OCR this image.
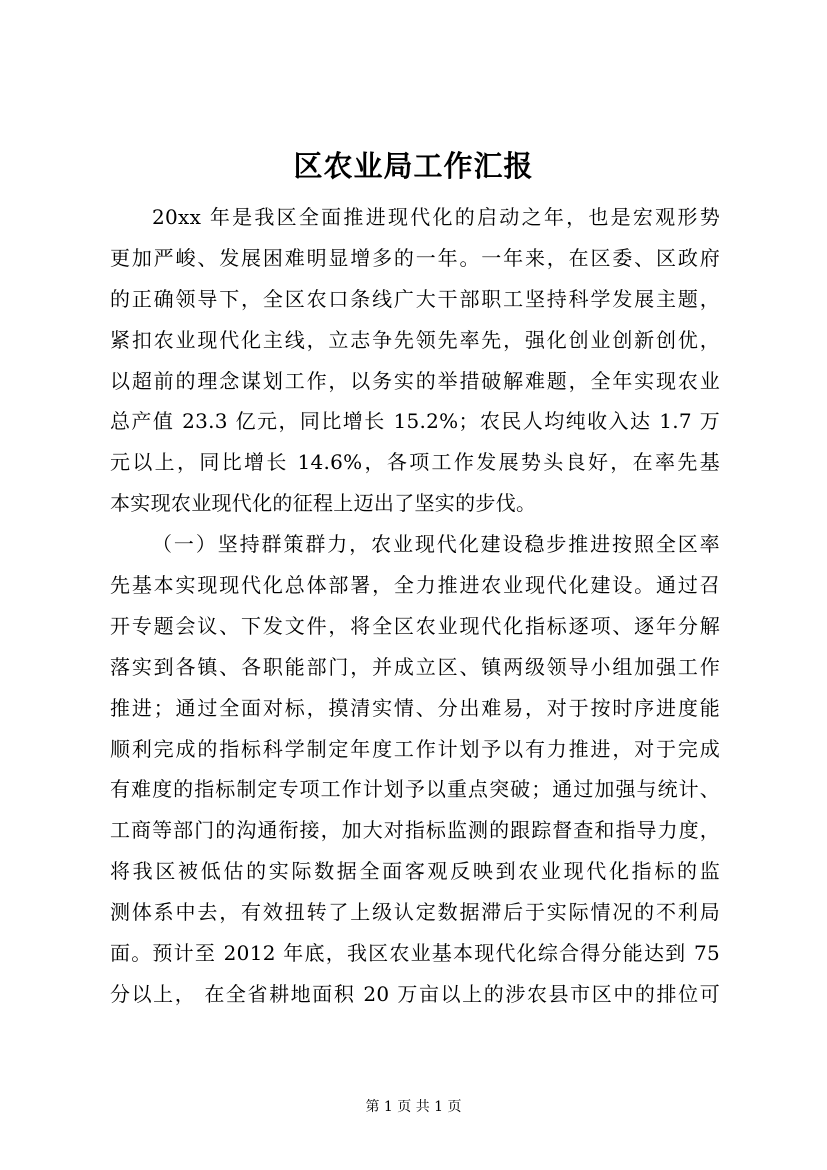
区农业局工作汇报
20xx 年是我区全面推进现代化的启动之年，也是宏观形势
更加严峻、发展困难明显增多的一年。一年来，在区委、区政府
的正确领导下，全区农口条线广大干部职工坚持科学发展主题，
紧扣农业现代化主线，立志争先领先率先，强化创业创新创优，
以超前的理念谋划工作，以务实的举措破解难题，全年实现农业
总产值 23.3 亿元，同比增长 15.2%；农民人均纯收入达 1.7 万
元以上，同比增长 14.6%，各项工作发展势头良好，在率先基
本实现农业现代化的征程上迈出了坚实的步伐。
（一）坚持群策群力，农业现代化建设稳步推进按照全区率
先基本实现现代化总体部署，全力推进农业现代化建设。通过召
开专题会议、下发文件，将全区农业现代化指标逐项、逐年分解
落实到各镇、各职能部门，并成立区、镇两级领导小组加强工作
推进；通过全面对标，摸清实情、分出难易，对于按时序进度能
顺利完成的指标科学制定年度工作计划予以有力推进，对于完成
有难度的指标制定专项工作计划予以重点突破；通过加强与统计、
工商等部门的沟通衔接，加大对指标监测的跟踪督查和指导力度，
将我区被低估的实际数据全面客观反映到农业现代化指标的监
测体系中去，有效扭转了上级认定数据滞后于实际情况的不利局
面。预计至 2012 年底，我区农业基本现代化综合得分能达到 75
分以上， 在全省耕地面积 20 万亩以上的涉农县市区中的排位可
第 1 页 共 1 页
